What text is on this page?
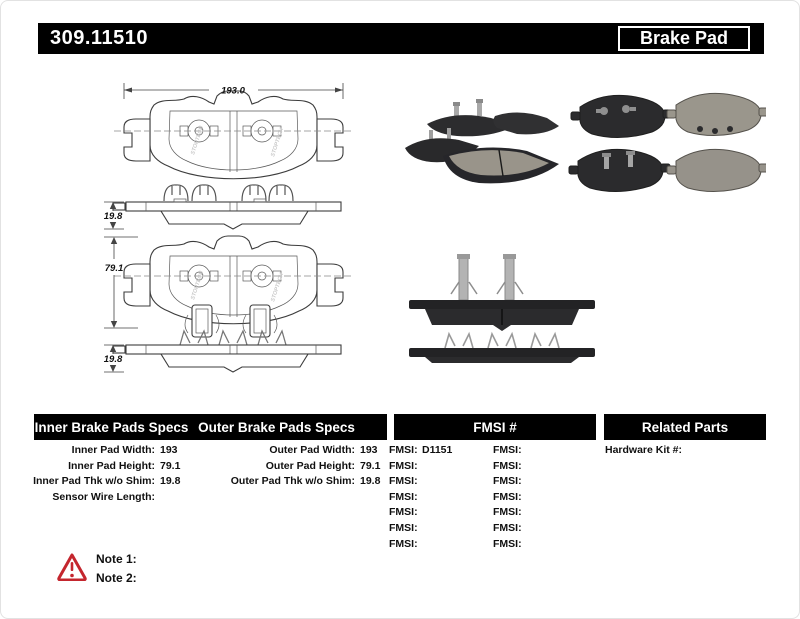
309.11510	Brake Pad
193.0
19.8
79.1
19.8
Inner Brake Pads Specs Outer Brake Pads Specs	FMSI #	Related Parts
Inner Pad Width: 193
Inner Pad Height: 79.1
Inner Pad Thk w/o Shim: 19.8
Sensor Wire Length:
Outer Pad Width: 193
Outer Pad Height: 79.1
Outer Pad Thk w/o Shim: 19.8
FMSI: D1151
FMSI:
FMSI:
FMSI:
FMSI:
FMSI:
FMSI:
FMSI:
FMSI:
FMSI:
FMSI:
FMSI:
FMSI:
FMSI:
Hardware Kit #:
Note 1:
Note 2:
